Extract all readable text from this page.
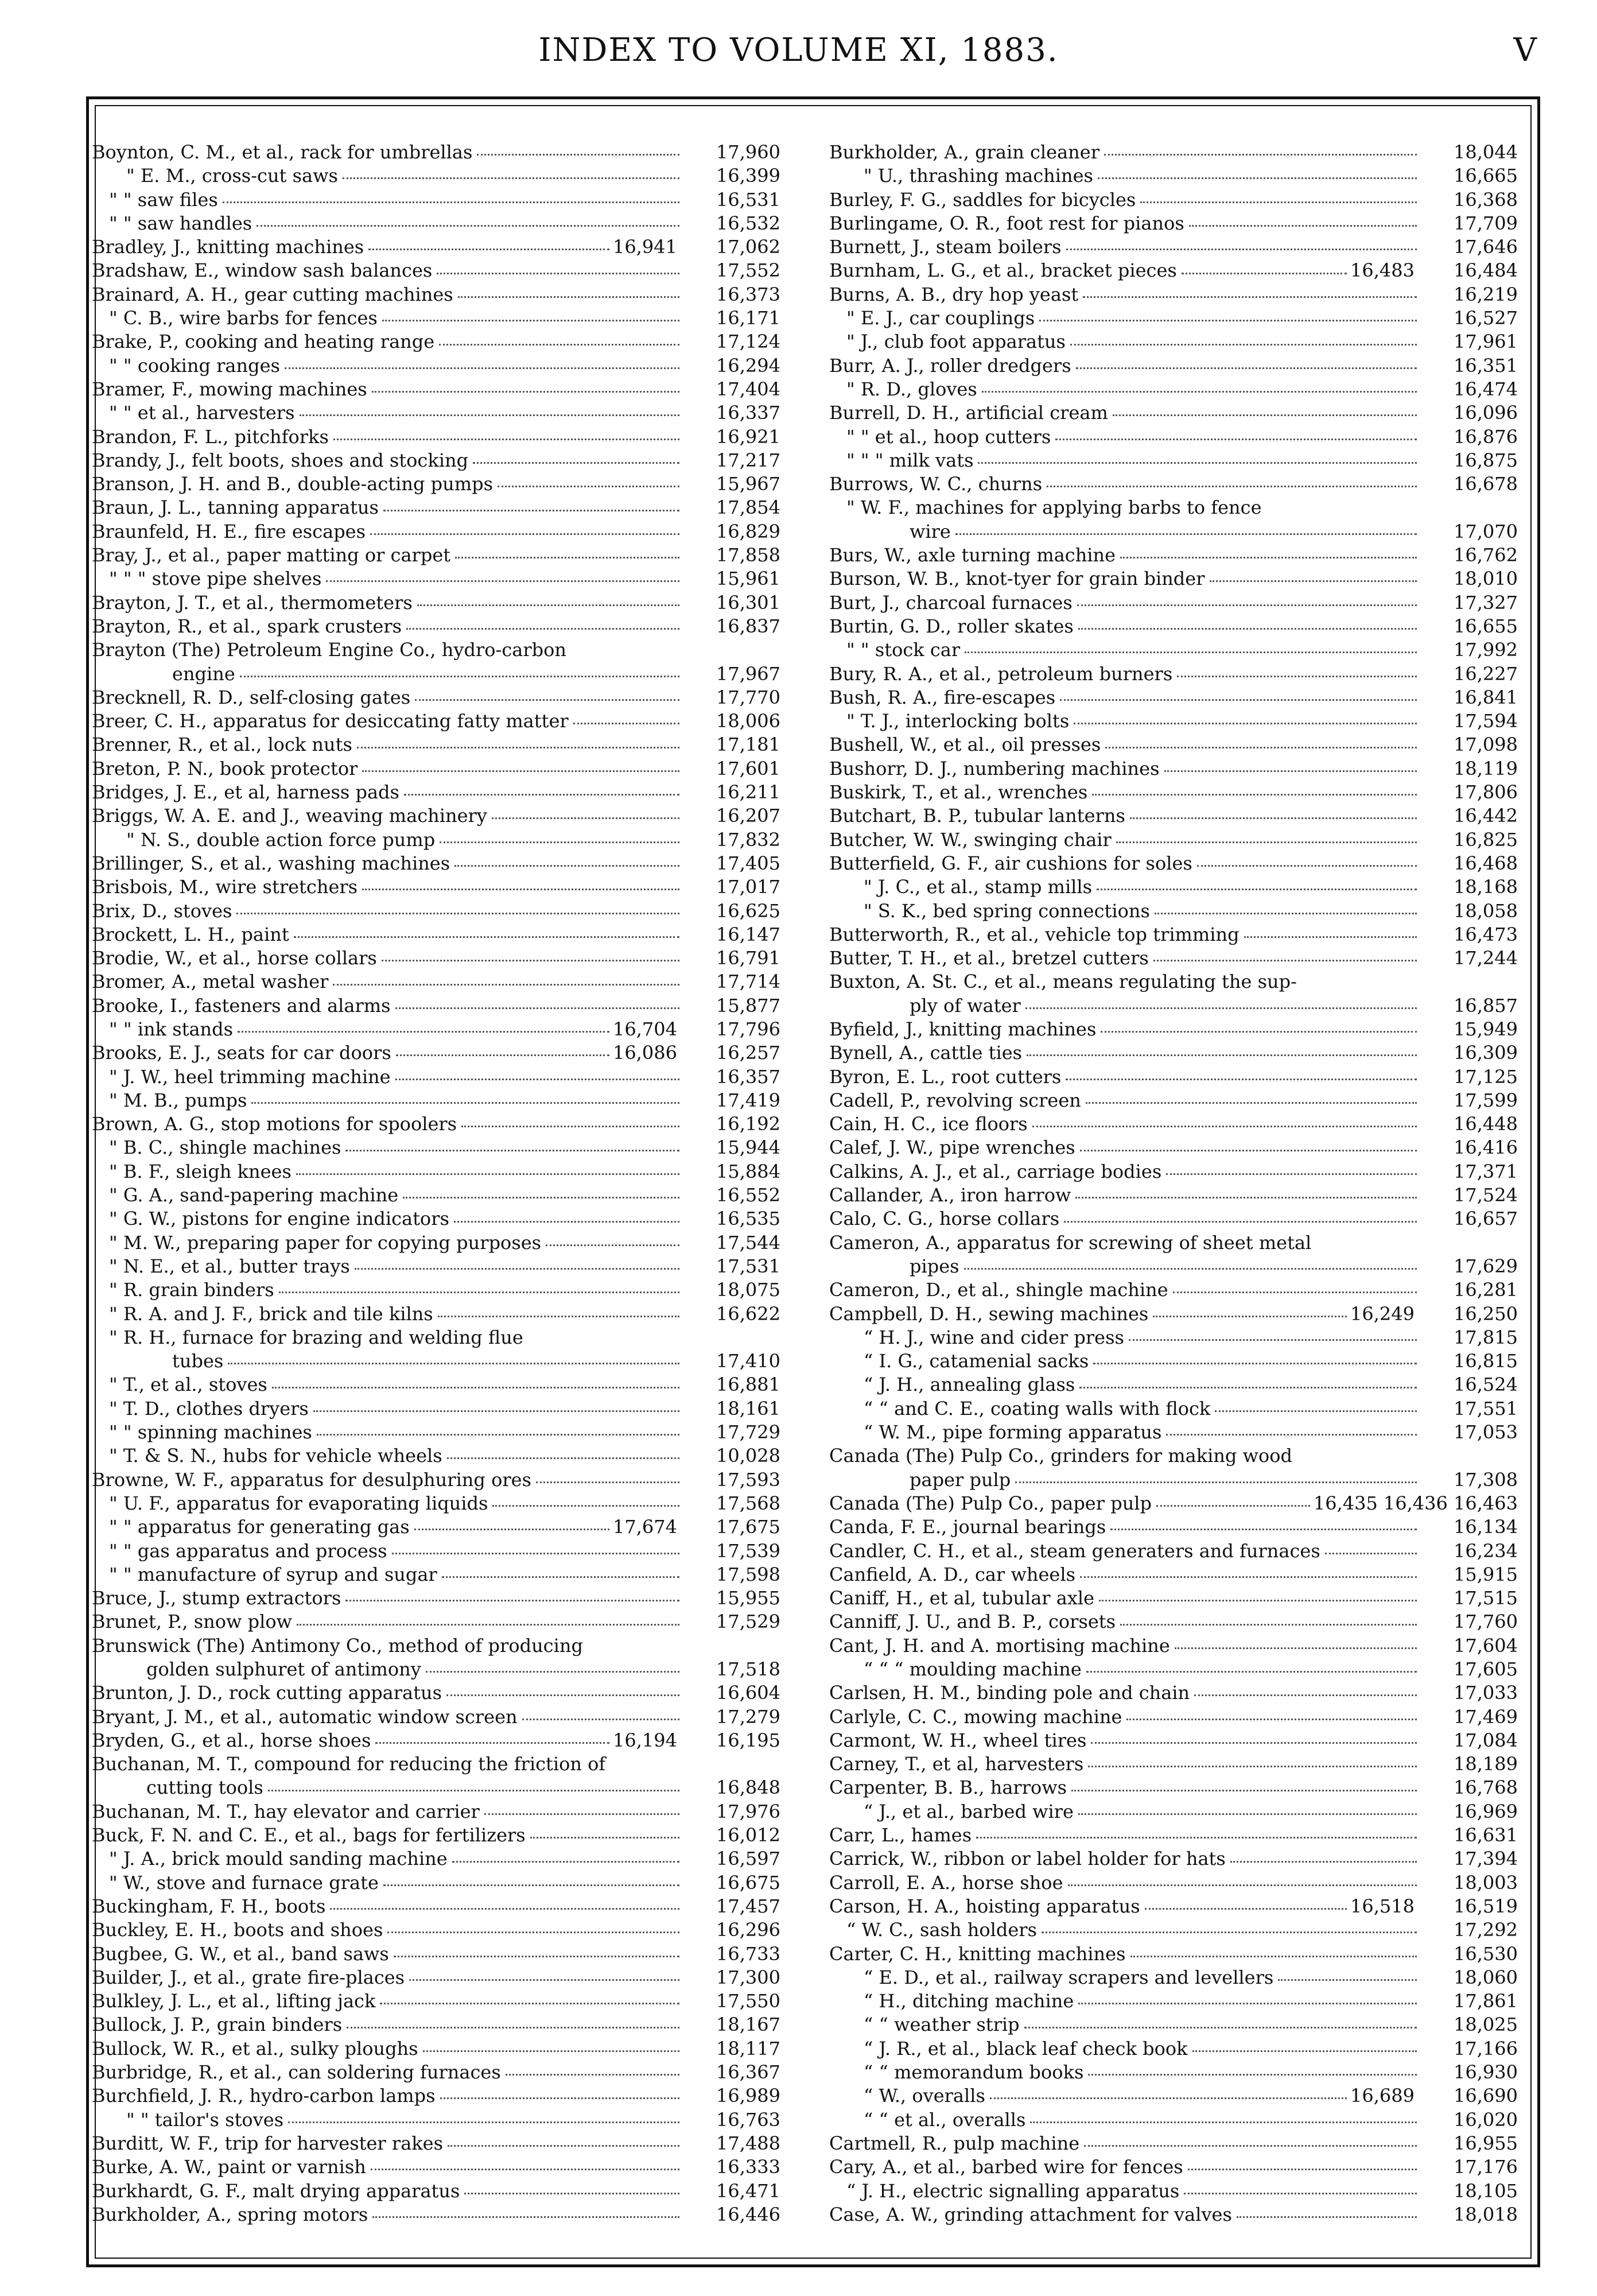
INDEX TO VOLUME XI, 1883.	V
Boynton, C. M., et al., rack for umbrellas	17,960
" E. M., cross-cut saws	16,399
" " saw files	16,531
" " saw handles	16,532
Bradley, J., knitting machines	16,941	17,062
Bradshaw, E., window sash balances	17,552
Brainard, A. H., gear cutting machines	16,373
" C. B., wire barbs for fences	16,171
Brake, P., cooking and heating range	17,124
" " cooking ranges	16,294
Bramer, F., mowing machines	17,404
" " et al., harvesters	16,337
Brandon, F. L., pitchforks	16,921
Brandy, J., felt boots, shoes and stocking	17,217
Branson, J. H. and B., double-acting pumps	15,967
Braun, J. L., tanning apparatus	17,854
Braunfeld, H. E., fire escapes	16,829
Bray, J., et al., paper matting or carpet	17,858
" " " stove pipe shelves	15,961
Brayton, J. T., et al., thermometers	16,301
Brayton, R., et al., spark crusters	16,837
Brayton (The) Petroleum Engine Co., hydro-carbon
engine	17,967
Brecknell, R. D., self-closing gates	17,770
Breer, C. H., apparatus for desiccating fatty matter	18,006
Brenner, R., et al., lock nuts	17,181
Breton, P. N., book protector	17,601
Bridges, J. E., et al, harness pads	16,211
Briggs, W. A. E. and J., weaving machinery	16,207
" N. S., double action force pump	17,832
Brillinger, S., et al., washing machines	17,405
Brisbois, M., wire stretchers	17,017
Brix, D., stoves	16,625
Brockett, L. H., paint	16,147
Brodie, W., et al., horse collars	16,791
Bromer, A., metal washer	17,714
Brooke, I., fasteners and alarms	15,877
" " ink stands	16,704	17,796
Brooks, E. J., seats for car doors	16,086	16,257
" J. W., heel trimming machine	16,357
" M. B., pumps	17,419
Brown, A. G., stop motions for spoolers	16,192
" B. C., shingle machines	15,944
" B. F., sleigh knees	15,884
" G. A., sand-papering machine	16,552
" G. W., pistons for engine indicators	16,535
" M. W., preparing paper for copying purposes	17,544
" N. E., et al., butter trays	17,531
" R. grain binders	18,075
" R. A. and J. F., brick and tile kilns	16,622
" R. H., furnace for brazing and welding flue
tubes	17,410
" T., et al., stoves	16,881
" T. D., clothes dryers	18,161
" " spinning machines	17,729
" T. & S. N., hubs for vehicle wheels	10,028
Browne, W. F., apparatus for desulphuring ores	17,593
" U. F., apparatus for evaporating liquids	17,568
" " apparatus for generating gas	17,674	17,675
" " gas apparatus and process	17,539
" " manufacture of syrup and sugar	17,598
Bruce, J., stump extractors	15,955
Brunet, P., snow plow	17,529
Brunswick (The) Antimony Co., method of producing
golden sulphuret of antimony	17,518
Brunton, J. D., rock cutting apparatus	16,604
Bryant, J. M., et al., automatic window screen	17,279
Bryden, G., et al., horse shoes	16,194	16,195
Buchanan, M. T., compound for reducing the friction of
cutting tools	16,848
Buchanan, M. T., hay elevator and carrier	17,976
Buck, F. N. and C. E., et al., bags for fertilizers	16,012
" J. A., brick mould sanding machine	16,597
" W., stove and furnace grate	16,675
Buckingham, F. H., boots	17,457
Buckley, E. H., boots and shoes	16,296
Bugbee, G. W., et al., band saws	16,733
Builder, J., et al., grate fire-places	17,300
Bulkley, J. L., et al., lifting jack	17,550
Bullock, J. P., grain binders	18,167
Bullock, W. R., et al., sulky ploughs	18,117
Burbridge, R., et al., can soldering furnaces	16,367
Burchfield, J. R., hydro-carbon lamps	16,989
" " tailor's stoves	16,763
Burditt, W. F., trip for harvester rakes	17,488
Burke, A. W., paint or varnish	16,333
Burkhardt, G. F., malt drying apparatus	16,471
Burkholder, A., spring motors	16,446
Burkholder, A., grain cleaner	18,044
" U., thrashing machines	16,665
Burley, F. G., saddles for bicycles	16,368
Burlingame, O. R., foot rest for pianos	17,709
Burnett, J., steam boilers	17,646
Burnham, L. G., et al., bracket pieces	16,483	16,484
Burns, A. B., dry hop yeast	16,219
" E. J., car couplings	16,527
" J., club foot apparatus	17,961
Burr, A. J., roller dredgers	16,351
" R. D., gloves	16,474
Burrell, D. H., artificial cream	16,096
" " et al., hoop cutters	16,876
" " " milk vats	16,875
Burrows, W. C., churns	16,678
" W. F., machines for applying barbs to fence
wire	17,070
Burs, W., axle turning machine	16,762
Burson, W. B., knot-tyer for grain binder	18,010
Burt, J., charcoal furnaces	17,327
Burtin, G. D., roller skates	16,655
" " stock car	17,992
Bury, R. A., et al., petroleum burners	16,227
Bush, R. A., fire-escapes	16,841
" T. J., interlocking bolts	17,594
Bushell, W., et al., oil presses	17,098
Bushorr, D. J., numbering machines	18,119
Buskirk, T., et al., wrenches	17,806
Butchart, B. P., tubular lanterns	16,442
Butcher, W. W., swinging chair	16,825
Butterfield, G. F., air cushions for soles	16,468
" J. C., et al., stamp mills	18,168
" S. K., bed spring connections	18,058
Butterworth, R., et al., vehicle top trimming	16,473
Butter, T. H., et al., bretzel cutters	17,244
Buxton, A. St. C., et al., means regulating the sup-
ply of water	16,857
Byfield, J., knitting machines	15,949
Bynell, A., cattle ties	16,309
Byron, E. L., root cutters	17,125
Cadell, P., revolving screen	17,599
Cain, H. C., ice floors	16,448
Calef, J. W., pipe wrenches	16,416
Calkins, A. J., et al., carriage bodies	17,371
Callander, A., iron harrow	17,524
Calo, C. G., horse collars	16,657
Cameron, A., apparatus for screwing of sheet metal
pipes	17,629
Cameron, D., et al., shingle machine	16,281
Campbell, D. H., sewing machines	16,249	16,250
“ H. J., wine and cider press	17,815
“ I. G., catamenial sacks	16,815
“ J. H., annealing glass	16,524
“ “ and C. E., coating walls with flock	17,551
“ W. M., pipe forming apparatus	17,053
Canada (The) Pulp Co., grinders for making wood
paper pulp	17,308
Canada (The) Pulp Co., paper pulp	16,435 16,436 16,463
Canda, F. E., journal bearings	16,134
Candler, C. H., et al., steam generaters and furnaces	16,234
Canfield, A. D., car wheels	15,915
Caniff, H., et al, tubular axle	17,515
Canniff, J. U., and B. P., corsets	17,760
Cant, J. H. and A. mortising machine	17,604
“ “ “ moulding machine	17,605
Carlsen, H. M., binding pole and chain	17,033
Carlyle, C. C., mowing machine	17,469
Carmont, W. H., wheel tires	17,084
Carney, T., et al, harvesters	18,189
Carpenter, B. B., harrows	16,768
“ J., et al., barbed wire	16,969
Carr, L., hames	16,631
Carrick, W., ribbon or label holder for hats	17,394
Carroll, E. A., horse shoe	18,003
Carson, H. A., hoisting apparatus	16,518	16,519
“ W. C., sash holders	17,292
Carter, C. H., knitting machines	16,530
“ E. D., et al., railway scrapers and levellers	18,060
“ H., ditching machine	17,861
“ “ weather strip	18,025
“ J. R., et al., black leaf check book	17,166
“ “ memorandum books	16,930
“ W., overalls	16,689	16,690
“ “ et al., overalls	16,020
Cartmell, R., pulp machine	16,955
Cary, A., et al., barbed wire for fences	17,176
“ J. H., electric signalling apparatus	18,105
Case, A. W., grinding attachment for valves	18,018
